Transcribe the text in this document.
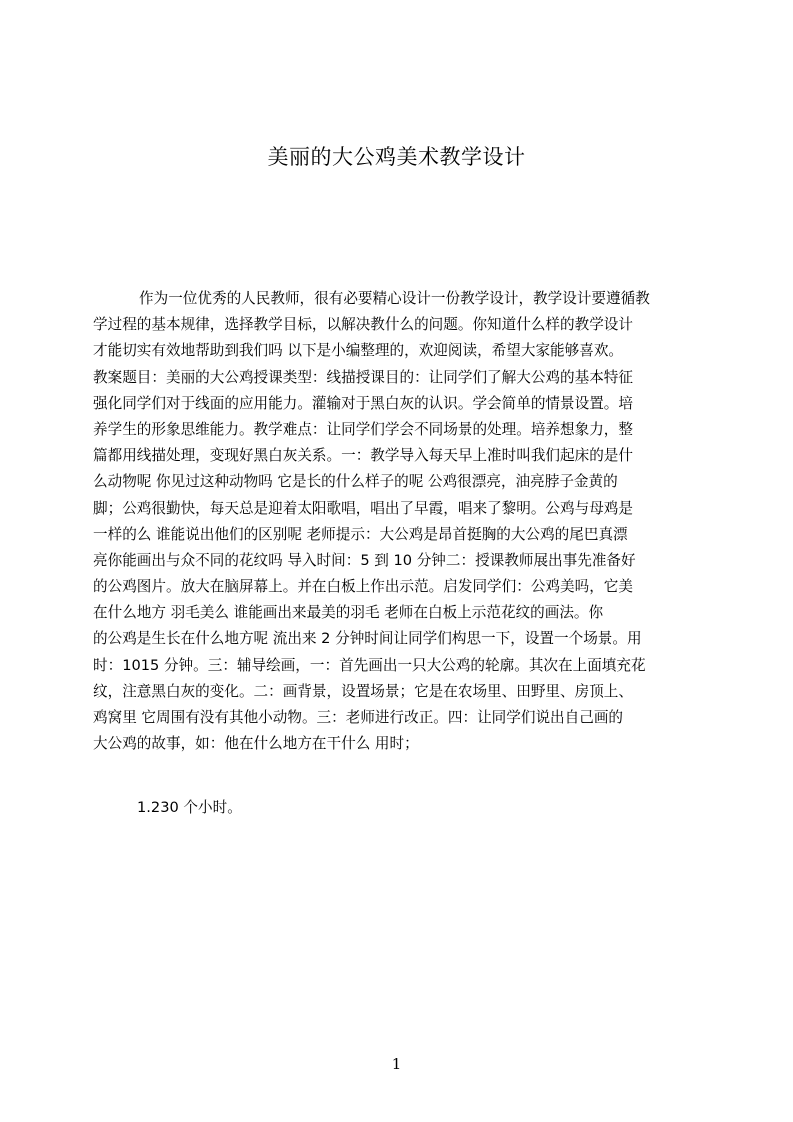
美丽的大公鸡美术教学设计
作为一位优秀的人民教师，很有必要精心设计一份教学设计，教学设计要遵循教
学过程的基本规律，选择教学目标，以解决教什么的问题。你知道什么样的教学设计
才能切实有效地帮助到我们吗 以下是小编整理的，欢迎阅读，希望大家能够喜欢。
教案题目：美丽的大公鸡授课类型：线描授课目的：让同学们了解大公鸡的基本特征
强化同学们对于线面的应用能力。灌输对于黑白灰的认识。学会简单的情景设置。培
养学生的形象思维能力。教学难点：让同学们学会不同场景的处理。培养想象力，整
篇都用线描处理，变现好黑白灰关系。一：教学导入每天早上准时叫我们起床的是什
么动物呢 你见过这种动物吗 它是长的什么样子的呢 公鸡很漂亮，油亮脖子金黄的
脚；公鸡很勤快，每天总是迎着太阳歌唱，唱出了早霞，唱来了黎明。公鸡与母鸡是
一样的么 谁能说出他们的区别呢 老师提示：大公鸡是昂首挺胸的大公鸡的尾巴真漂
亮你能画出与众不同的花纹吗 导入时间：5 到 10 分钟二：授课教师展出事先准备好
的公鸡图片。放大在脑屏幕上。并在白板上作出示范。启发同学们：公鸡美吗，它美
在什么地方 羽毛美么 谁能画出来最美的羽毛 老师在白板上示范花纹的画法。你
的公鸡是生长在什么地方呢 流出来 2 分钟时间让同学们构思一下，设置一个场景。用
时：1015 分钟。三：辅导绘画，一：首先画出一只大公鸡的轮廓。其次在上面填充花
纹，注意黑白灰的变化。二：画背景，设置场景；它是在农场里、田野里、房顶上、
鸡窝里 它周围有没有其他小动物。三：老师进行改正。四：让同学们说出自己画的
大公鸡的故事，如：他在什么地方在干什么 用时；
1.230 个小时。
1
